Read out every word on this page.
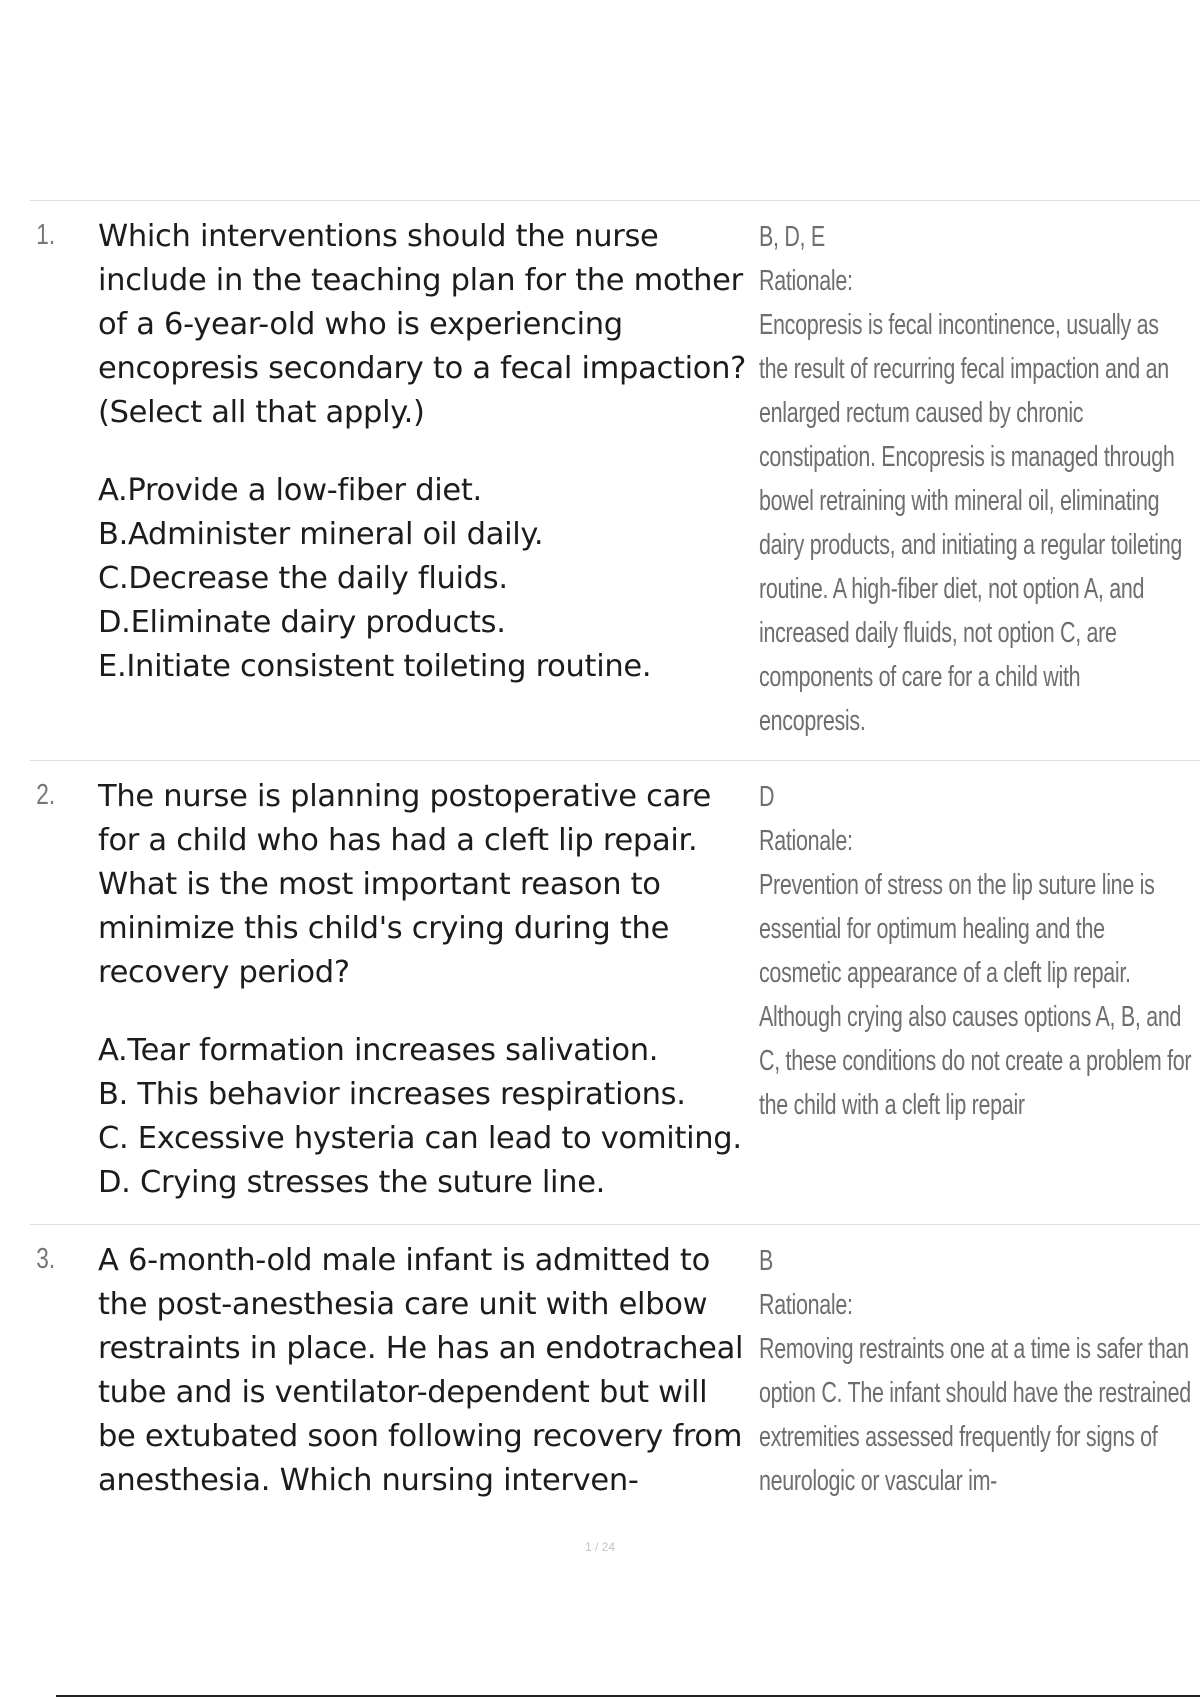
1.	Which interventions should the nurse include in the teaching plan for the mother of a 6-year-old who is experiencing encopresis secondary to a fecal impaction? (Select all that apply.)

A.Provide a low-fiber diet.
B.Administer mineral oil daily.
C.Decrease the daily fluids.
D.Eliminate dairy products.
E.Initiate consistent toileting routine.

B, D, E

Rationale:

Encopresis is fecal incontinence, usually as the result of recurring fecal impaction and an enlarged rectum caused by chronic constipation. Encopresis is managed through bowel retraining with mineral oil, eliminating dairy products, and initiating a regular toileting routine. A high-fiber diet, not option A, and increased daily fluids, not option C, are components of care for a child with encopresis.

2.	The nurse is planning postoperative care for a child who has had a cleft lip repair. What is the most important reason to minimize this child's crying during the recovery period?

A.Tear formation increases salivation.
B. This behavior increases respirations.
C. Excessive hysteria can lead to vomiting.
D. Crying stresses the suture line.

D

Rationale:

Prevention of stress on the lip suture line is essential for optimum healing and the cosmetic appearance of a cleft lip repair. Although crying also causes options A, B, and C, these conditions do not create a problem for the child with a cleft lip repair

3.	A 6-month-old male infant is admitted to the post-anesthesia care unit with elbow restraints in place. He has an endotracheal tube and is ventilator-dependent but will be extubated soon following recovery from anesthesia. Which nursing interven-

B

Rationale:

Removing restraints one at a time is safer than option C. The infant should have the restrained extremities assessed frequently for signs of neurologic or vascular im-

1 / 24
